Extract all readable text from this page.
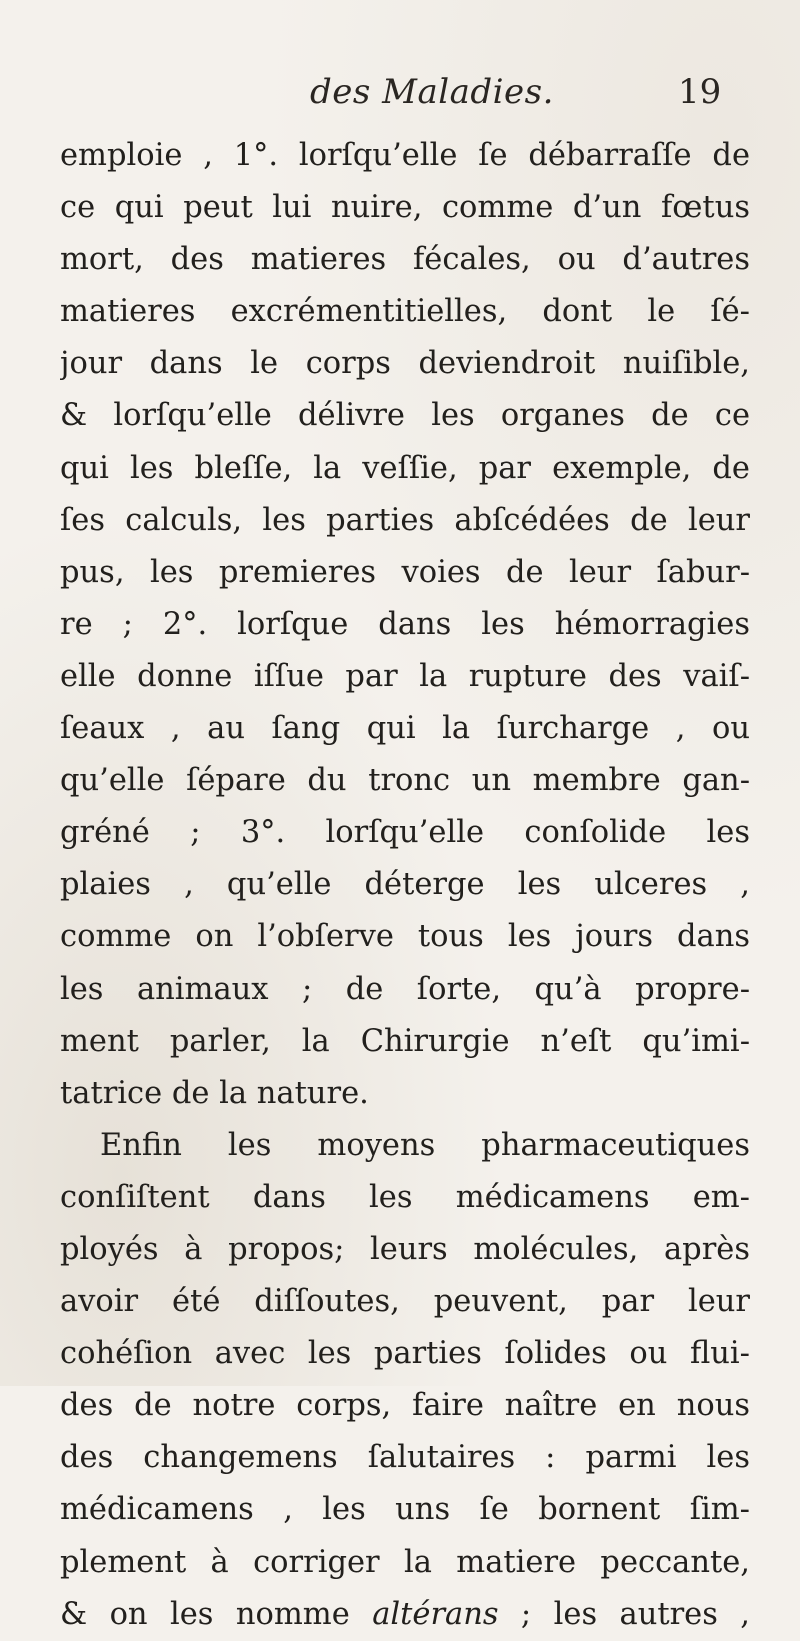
des Maladies.	19
emploie , 1°. lorſqu’elle ſe débarraſſe de
ce qui peut lui nuire, comme d’un fœtus
mort, des matieres fécales, ou d’autres
matieres excrémentitielles, dont le ſé-
jour dans le corps deviendroit nuiſible,
& lorſqu’elle délivre les organes de ce
qui les bleſſe, la veſſie, par exemple, de
ſes calculs, les parties abſcédées de leur
pus, les premieres voies de leur ſabur-
re ; 2°. lorſque dans les hémorragies
elle donne iſſue par la rupture des vaiſ-
ſeaux , au ſang qui la ſurcharge , ou
qu’elle ſépare du tronc un membre gan-
gréné ; 3°. lorſqu’elle conſolide les
plaies , qu’elle déterge les ulceres ,
comme on l’obſerve tous les jours dans
les animaux ; de ſorte, qu’à propre-
ment parler, la Chirurgie n’eſt qu’imi-
tatrice de la nature.
Enfin les moyens pharmaceutiques
conſiſtent dans les médicamens em-
ployés à propos; leurs molécules, après
avoir été diſſoutes, peuvent, par leur
cohéſion avec les parties ſolides ou flui-
des de notre corps, faire naître en nous
des changemens ſalutaires : parmi les
médicamens , les uns ſe bornent ſim-
plement à corriger la matiere peccante,
& on les nomme altérans ; les autres ,
